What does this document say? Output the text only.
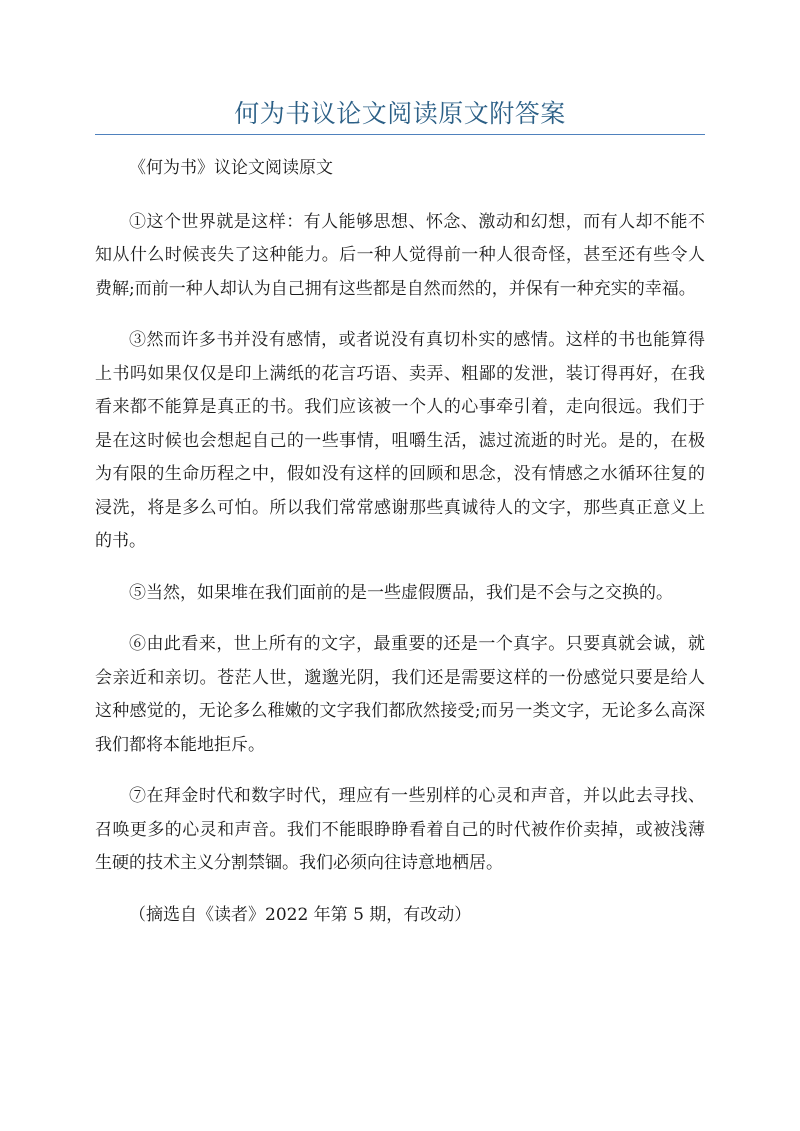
何为书议论文阅读原文附答案

《何为书》议论文阅读原文

①这个世界就是这样：有人能够思想、怀念、激动和幻想，而有人却不能不知从什么时候丧失了这种能力。后一种人觉得前一种人很奇怪，甚至还有些令人费解;而前一种人却认为自己拥有这些都是自然而然的，并保有一种充实的幸福。

③然而许多书并没有感情，或者说没有真切朴实的感情。这样的书也能算得上书吗如果仅仅是印上满纸的花言巧语、卖弄、粗鄙的发泄，装订得再好，在我看来都不能算是真正的书。我们应该被一个人的心事牵引着，走向很远。我们于是在这时候也会想起自己的一些事情，咀嚼生活，滤过流逝的时光。是的，在极为有限的生命历程之中，假如没有这样的回顾和思念，没有情感之水循环往复的浸洗，将是多么可怕。所以我们常常感谢那些真诚待人的文字，那些真正意义上的书。

⑤当然，如果堆在我们面前的是一些虚假赝品，我们是不会与之交换的。

⑥由此看来，世上所有的文字，最重要的还是一个真字。只要真就会诚，就会亲近和亲切。苍茫人世，邈邈光阴，我们还是需要这样的一份感觉只要是给人这种感觉的，无论多么稚嫩的文字我们都欣然接受;而另一类文字，无论多么高深我们都将本能地拒斥。

⑦在拜金时代和数字时代，理应有一些别样的心灵和声音，并以此去寻找、召唤更多的心灵和声音。我们不能眼睁睁看着自己的时代被作价卖掉，或被浅薄生硬的技术主义分割禁锢。我们必须向往诗意地栖居。

（摘选自《读者》2022 年第 5 期，有改动）
